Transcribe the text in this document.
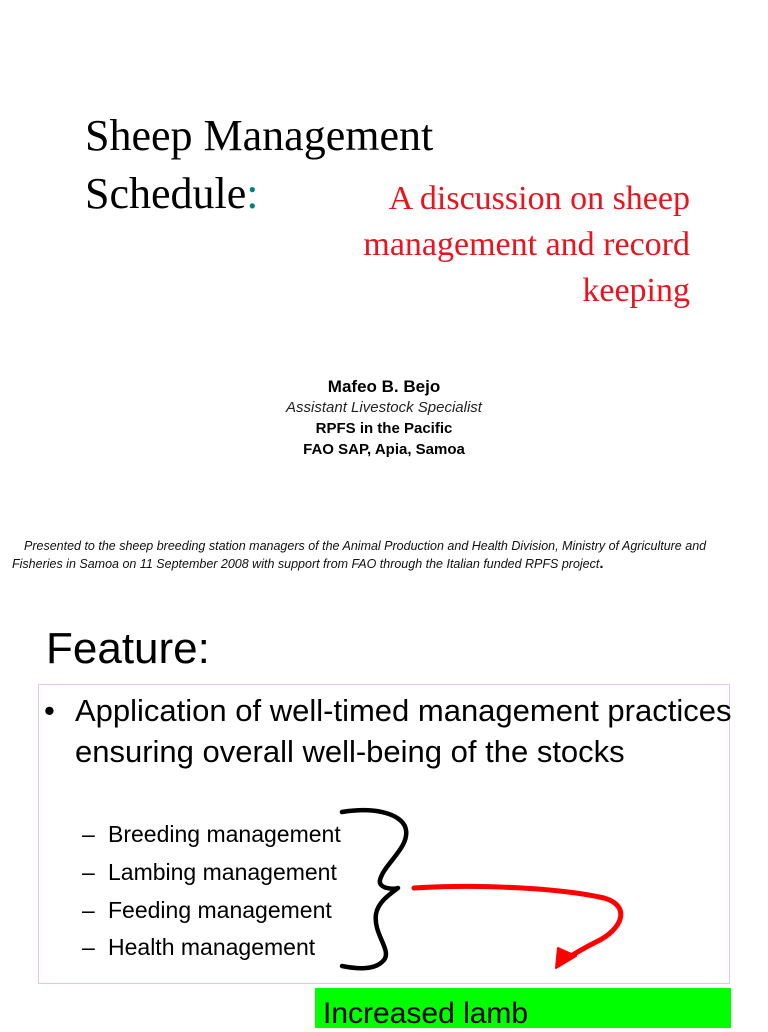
Sheep Management
Schedule:	A discussion on sheep management and record keeping
Mafeo B. Bejo
Assistant Livestock Specialist
RPFS in the Pacific
FAO SAP, Apia, Samoa
Presented to the sheep breeding station managers of the Animal Production and Health Division, Ministry of Agriculture and
Fisheries in Samoa on 11 September 2008 with support from FAO through the Italian funded RPFS project.
Feature:
• Application of well-timed management practices ensuring overall well-being of the stocks
– Breeding management
– Lambing management
– Feeding management
– Health management
Increased lamb
